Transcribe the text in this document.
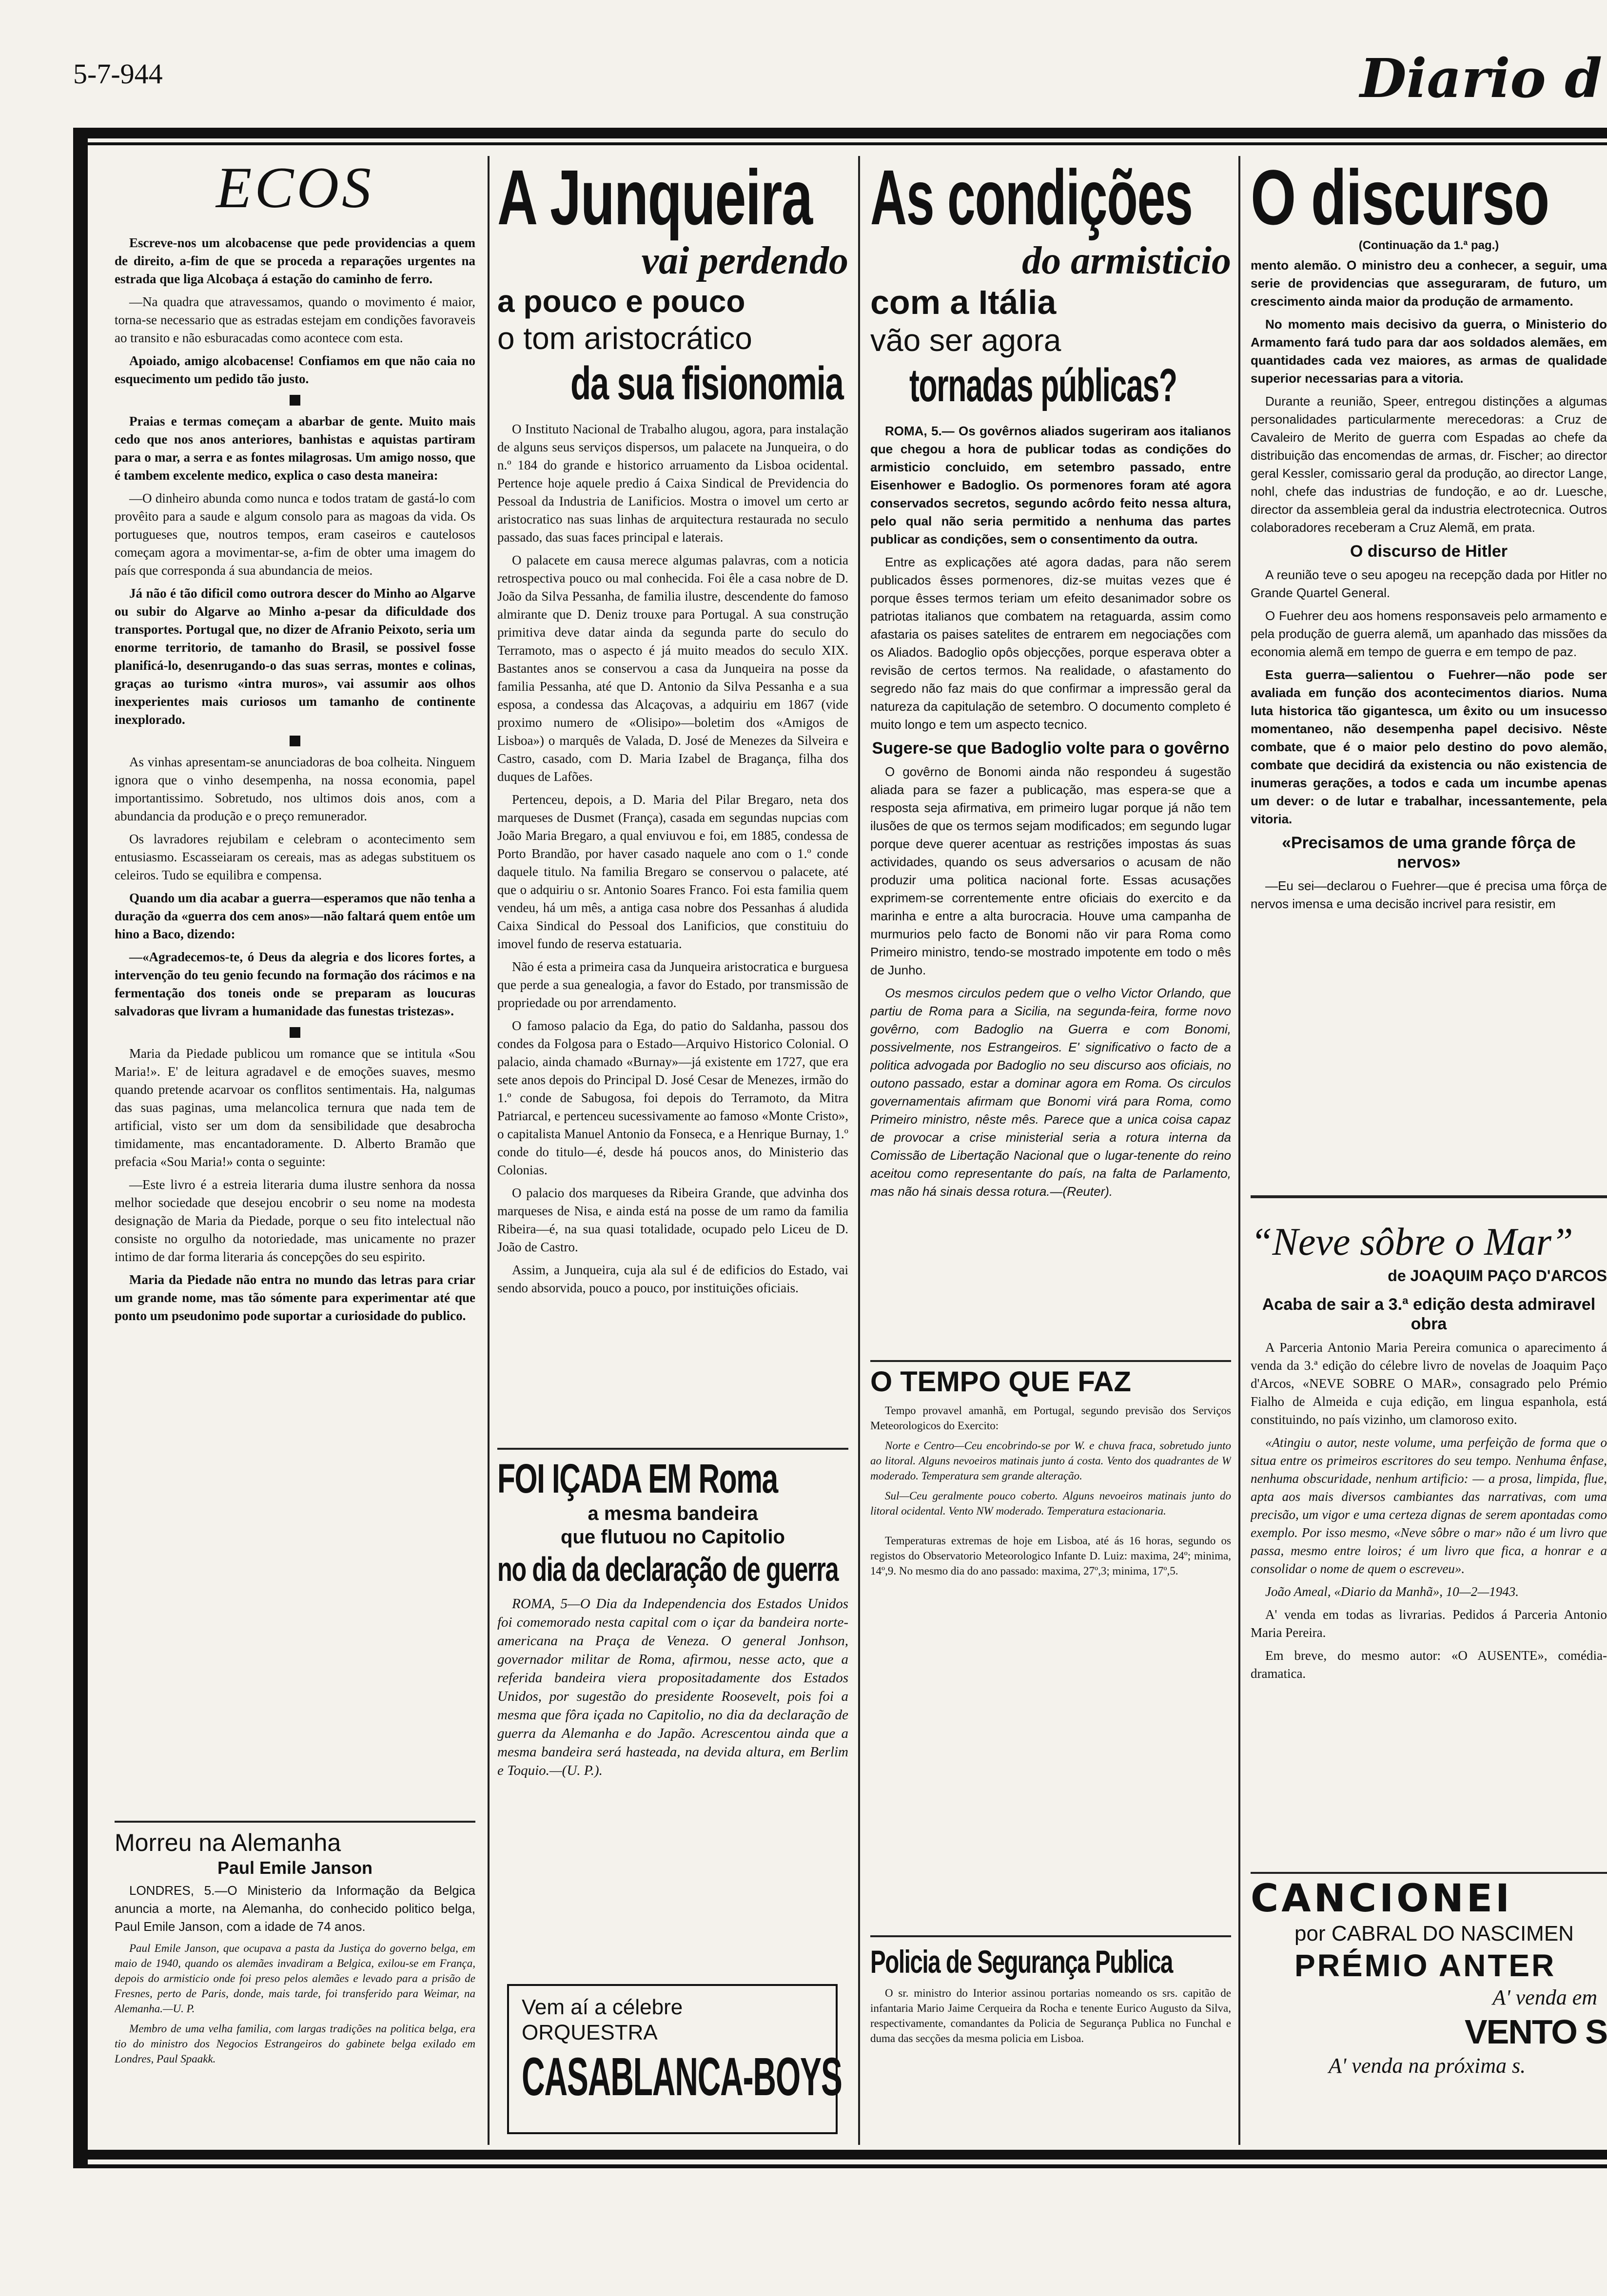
5-7-944	Diario d
ECOS

Escreve-nos um alcobacense que pede providencias a quem de direito, a-fim de que se proceda a reparações urgentes na estrada que liga Alcobaça á estação do caminho de ferro.

—Na quadra que atravessamos, quando o movimento é maior, torna-se necessario que as estradas estejam em condições favoraveis ao transito e não esburacadas como acontece com esta.

Apoiado, amigo alcobacense! Confiamos em que não caia no esquecimento um pedido tão justo.

Praias e termas começam a abarbar de gente. Muito mais cedo que nos anos anteriores, banhistas e aquistas partiram para o mar, a serra e as fontes milagrosas. Um amigo nosso, que é tambem excelente medico, explica o caso desta maneira:

—O dinheiro abunda como nunca e todos tratam de gastá-lo com provêito para a saude e algum consolo para as magoas da vida. Os portugueses que, noutros tempos, eram caseiros e cautelosos começam agora a movimentar-se, a-fim de obter uma imagem do país que corresponda á sua abundancia de meios.

Já não é tão dificil como outrora descer do Minho ao Algarve ou subir do Algarve ao Minho a-pesar da dificuldade dos transportes. Portugal que, no dizer de Afranio Peixoto, seria um enorme territorio, de tamanho do Brasil, se possivel fosse planificá-lo, desenrugando-o das suas serras, montes e colinas, graças ao turismo «intra muros», vai assumir aos olhos inexperientes mais curiosos um tamanho de continente inexplorado.

As vinhas apresentam-se anunciadoras de boa colheita. Ninguem ignora que o vinho desempenha, na nossa economia, papel importantissimo. Sobretudo, nos ultimos dois anos, com a abundancia da produção e o preço remunerador.

Os lavradores rejubilam e celebram o acontecimento sem entusiasmo. Escasseiaram os cereais, mas as adegas substituem os celeiros. Tudo se equilibra e compensa.

Quando um dia acabar a guerra—esperamos que não tenha a duração da «guerra dos cem anos»—não faltará quem entôe um hino a Baco, dizendo:

—«Agradecemos-te, ó Deus da alegria e dos licores fortes, a intervenção do teu genio fecundo na formação dos rácimos e na fermentação dos toneis onde se preparam as loucuras salvadoras que livram a humanidade das funestas tristezas».

Maria da Piedade publicou um romance que se intitula «Sou Maria!». E' de leitura agradavel e de emoções suaves, mesmo quando pretende acarvoar os conflitos sentimentais. Ha, nalgumas das suas paginas, uma melancolica ternura que nada tem de artificial, visto ser um dom da sensibilidade que desabrocha timidamente, mas encantadoramente. D. Alberto Bramão que prefacia «Sou Maria!» conta o seguinte:

—Este livro é a estreia literaria duma ilustre senhora da nossa melhor sociedade que desejou encobrir o seu nome na modesta designação de Maria da Piedade, porque o seu fito intelectual não consiste no orgulho da notoriedade, mas unicamente no prazer intimo de dar forma literaria ás concepções do seu espirito.

Maria da Piedade não entra no mundo das letras para criar um grande nome, mas tão sómente para experimentar até que ponto um pseudonimo pode suportar a curiosidade do publico.

Morreu na Alemanha
Paul Emile Janson

LONDRES, 5.—O Ministerio da Informação da Belgica anuncia a morte, na Alemanha, do conhecido politico belga, Paul Emile Janson, com a idade de 74 anos.

Paul Emile Janson, que ocupava a pasta da Justiça do governo belga, em maio de 1940, quando os alemães invadiram a Belgica, exilou-se em França, depois do armisticio onde foi preso pelos alemães e levado para a prisão de Fresnes, perto de Paris, donde, mais tarde, foi transferido para Weimar, na Alemanha.—U. P.

Membro de uma velha familia, com largas tradições na politica belga, era tio do ministro dos Negocios Estrangeiros do gabinete belga exilado em Londres, Paul Spaakk.

A Junqueira
vai perdendo
a pouco e pouco
o tom aristocrático
da sua fisionomia

O Instituto Nacional de Trabalho alugou, agora, para instalação de alguns seus serviços dispersos, um palacete na Junqueira, o do n.º 184 do grande e historico arruamento da Lisboa ocidental. Pertence hoje aquele predio á Caixa Sindical de Previdencia do Pessoal da Industria de Lanificios. Mostra o imovel um certo ar aristocratico nas suas linhas de arquitectura restaurada no seculo passado, das suas faces principal e laterais.

O palacete em causa merece algumas palavras, com a noticia retrospectiva pouco ou mal conhecida. Foi êle a casa nobre de D. João da Silva Pessanha, de familia ilustre, descendente do famoso almirante que D. Deniz trouxe para Portugal. A sua construção primitiva deve datar ainda da segunda parte do seculo do Terramoto, mas o aspecto é já muito meados do seculo XIX. Bastantes anos se conservou a casa da Junqueira na posse da familia Pessanha, até que D. Antonio da Silva Pessanha e a sua esposa, a condessa das Alcaçovas, a adquiriu em 1867 (vide proximo numero de «Olisipo»—boletim dos «Amigos de Lisboa») o marquês de Valada, D. José de Menezes da Silveira e Castro, casado, com D. Maria Izabel de Bragança, filha dos duques de Lafões.

Pertenceu, depois, a D. Maria del Pilar Bregaro, neta dos marqueses de Dusmet (França), casada em segundas nupcias com João Maria Bregaro, a qual enviuvou e foi, em 1885, condessa de Porto Brandão, por haver casado naquele ano com o 1.º conde daquele titulo. Na familia Bregaro se conservou o palacete, até que o adquiriu o sr. Antonio Soares Franco. Foi esta familia quem vendeu, há um mês, a antiga casa nobre dos Pessanhas á aludida Caixa Sindical do Pessoal dos Lanificios, que constituiu do imovel fundo de reserva estatuaria.

Não é esta a primeira casa da Junqueira aristocratica e burguesa que perde a sua genealogia, a favor do Estado, por transmissão de propriedade ou por arrendamento.

O famoso palacio da Ega, do patio do Saldanha, passou dos condes da Folgosa para o Estado—Arquivo Historico Colonial. O palacio, ainda chamado «Burnay»—já existente em 1727, que era sete anos depois do Principal D. José Cesar de Menezes, irmão do 1.º conde de Sabugosa, foi depois do Terramoto, da Mitra Patriarcal, e pertenceu sucessivamente ao famoso «Monte Cristo», o capitalista Manuel Antonio da Fonseca, e a Henrique Burnay, 1.º conde do titulo—é, desde há poucos anos, do Ministerio das Colonias.

O palacio dos marqueses da Ribeira Grande, que advinha dos marqueses de Nisa, e ainda está na posse de um ramo da familia Ribeira—é, na sua quasi totalidade, ocupado pelo Liceu de D. João de Castro.

Assim, a Junqueira, cuja ala sul é de edificios do Estado, vai sendo absorvida, pouco a pouco, por instituições oficiais.

FOI IÇADA EM Roma
a mesma bandeira
que flutuou no Capitolio
no dia da declaração de guerra

ROMA, 5—O Dia da Independencia dos Estados Unidos foi comemorado nesta capital com o içar da bandeira norte-americana na Praça de Veneza. O general Jonhson, governador militar de Roma, afirmou, nesse acto, que a referida bandeira viera propositadamente dos Estados Unidos, por sugestão do presidente Roosevelt, pois foi a mesma que fôra içada no Capitolio, no dia da declaração de guerra da Alemanha e do Japão. Acrescentou ainda que a mesma bandeira será hasteada, na devida altura, em Berlim e Toquio.—(U. P.).

Vem aí a célebre
ORQUESTRA
CASABLANCA-BOYS
As condições
do armisticio
com a Itália
vão ser agora
tornadas públicas?

ROMA, 5.— Os govêrnos aliados sugeriram aos italianos que chegou a hora de publicar todas as condições do armisticio concluido, em setembro passado, entre Eisenhower e Badoglio. Os pormenores foram até agora conservados secretos, segundo acôrdo feito nessa altura, pelo qual não seria permitido a nenhuma das partes publicar as condições, sem o consentimento da outra.

Entre as explicações até agora dadas, para não serem publicados êsses pormenores, diz-se muitas vezes que é porque êsses termos teriam um efeito desanimador sobre os patriotas italianos que combatem na retaguarda, assim como afastaria os paises satelites de entrarem em negociações com os Aliados. Badoglio opôs objecções, porque esperava obter a revisão de certos termos. Na realidade, o afastamento do segredo não faz mais do que confirmar a impressão geral da natureza da capitulação de setembro. O documento completo é muito longo e tem um aspecto tecnico.

Sugere-se que Badoglio volte para o govêrno

O govêrno de Bonomi ainda não respondeu á sugestão aliada para se fazer a publicação, mas espera-se que a resposta seja afirmativa, em primeiro lugar porque já não tem ilusões de que os termos sejam modificados; em segundo lugar porque deve querer acentuar as restrições impostas ás suas actividades, quando os seus adversarios o acusam de não produzir uma politica nacional forte. Essas acusações exprimem-se correntemente entre oficiais do exercito e da marinha e entre a alta burocracia. Houve uma campanha de murmurios pelo facto de Bonomi não vir para Roma como Primeiro ministro, tendo-se mostrado impotente em todo o mês de Junho.

Os mesmos circulos pedem que o velho Victor Orlando, que partiu de Roma para a Sicilia, na segunda-feira, forme novo govêrno, com Badoglio na Guerra e com Bonomi, possivelmente, nos Estrangeiros. E' significativo o facto de a politica advogada por Badoglio no seu discurso aos oficiais, no outono passado, estar a dominar agora em Roma. Os circulos governamentais afirmam que Bonomi virá para Roma, como Primeiro ministro, nêste mês. Parece que a unica coisa capaz de provocar a crise ministerial seria a rotura interna da Comissão de Libertação Nacional que o lugar-tenente do reino aceitou como representante do país, na falta de Parlamento, mas não há sinais dessa rotura.—(Reuter).

O TEMPO QUE FAZ

Tempo provavel amanhã, em Portugal, segundo previsão dos Serviços Meteorologicos do Exercito:

Norte e Centro—Ceu encobrindo-se por W. e chuva fraca, sobretudo junto ao litoral. Alguns nevoeiros matinais junto á costa. Vento dos quadrantes de W moderado. Temperatura sem grande alteração.

Sul—Ceu geralmente pouco coberto. Alguns nevoeiros matinais junto do litoral ocidental. Vento NW moderado. Temperatura estacionaria.

Temperaturas extremas de hoje em Lisboa, até ás 16 horas, segundo os registos do Observatorio Meteorologico Infante D. Luiz: maxima, 24º; minima, 14º,9. No mesmo dia do ano passado: maxima, 27º,3; minima, 17º,5.

Policia de Segurança Publica

O sr. ministro do Interior assinou portarias nomeando os srs. capitão de infantaria Mario Jaime Cerqueira da Rocha e tenente Eurico Augusto da Silva, respectivamente, comandantes da Policia de Segurança Publica no Funchal e duma das secções da mesma policia em Lisboa.

O discurso
(Continuação da 1.ª pag.)

mento alemão. O ministro deu a conhecer, a seguir, uma serie de providencias que asseguraram, de futuro, um crescimento ainda maior da produção de armamento.

No momento mais decisivo da guerra, o Ministerio do Armamento fará tudo para dar aos soldados alemães, em quantidades cada vez maiores, as armas de qualidade superior necessarias para a vitoria.

Durante a reunião, Speer, entregou distinções a algumas personalidades particularmente merecedoras: a Cruz de Cavaleiro de Merito de guerra com Espadas ao chefe da distribuição das encomendas de armas, dr. Fischer; ao director geral Kessler, comissario geral da produção, ao director Lange, nohl, chefe das industrias de fundoção, e ao dr. Luesche, director da assembleia geral da industria electrotecnica. Outros colaboradores receberam a Cruz Alemã, em prata.

O discurso de Hitler

A reunião teve o seu apogeu na recepção dada por Hitler no Grande Quartel General.

O Fuehrer deu aos homens responsaveis pelo armamento e pela produção de guerra alemã, um apanhado das missões da economia alemã em tempo de guerra e em tempo de paz.

Esta guerra—salientou o Fuehrer—não pode ser avaliada em função dos acontecimentos diarios. Numa luta historica tão gigantesca, um êxito ou um insucesso momentaneo, não desempenha papel decisivo. Nêste combate, que é o maior pelo destino do povo alemão, combate que decidirá da existencia ou não existencia de inumeras gerações, a todos e cada um incumbe apenas um dever: o de lutar e trabalhar, incessantemente, pela vitoria.

«Precisamos de uma grande fôrça de nervos»

—Eu sei—declarou o Fuehrer—que é precisa uma fôrça de nervos imensa e uma decisão incrivel para resistir, em

“Neve sôbre o Mar”
de JOAQUIM PAÇO D'ARCOS
Acaba de sair a 3.ª edição desta admiravel obra

A Parceria Antonio Maria Pereira comunica o aparecimento á venda da 3.ª edição do célebre livro de novelas de Joaquim Paço d'Arcos, «NEVE SOBRE O MAR», consagrado pelo Prémio Fialho de Almeida e cuja edição, em lingua espanhola, está constituindo, no país vizinho, um clamoroso exito.

«Atingiu o autor, neste volume, uma perfeição de forma que o situa entre os primeiros escritores do seu tempo. Nenhuma ênfase, nenhuma obscuridade, nenhum artificio: — a prosa, limpida, flue, apta aos mais diversos cambiantes das narrativas, com uma precisão, um vigor e uma certeza dignas de serem apontadas como exemplo. Por isso mesmo, «Neve sôbre o mar» não é um livro que passa, mesmo entre loiros; é um livro que fica, a honrar e a consolidar o nome de quem o escreveu».

João Ameal, «Diario da Manhã», 10—2—1943.

A' venda em todas as livrarias. Pedidos á Parceria Antonio Maria Pereira.

Em breve, do mesmo autor: «O AUSENTE», comédia-dramatica.

CANCIONEI
por CABRAL DO NASCIMEN
PRÉMIO ANTER
A' venda em
VENTO S
A' venda na próxima s.
